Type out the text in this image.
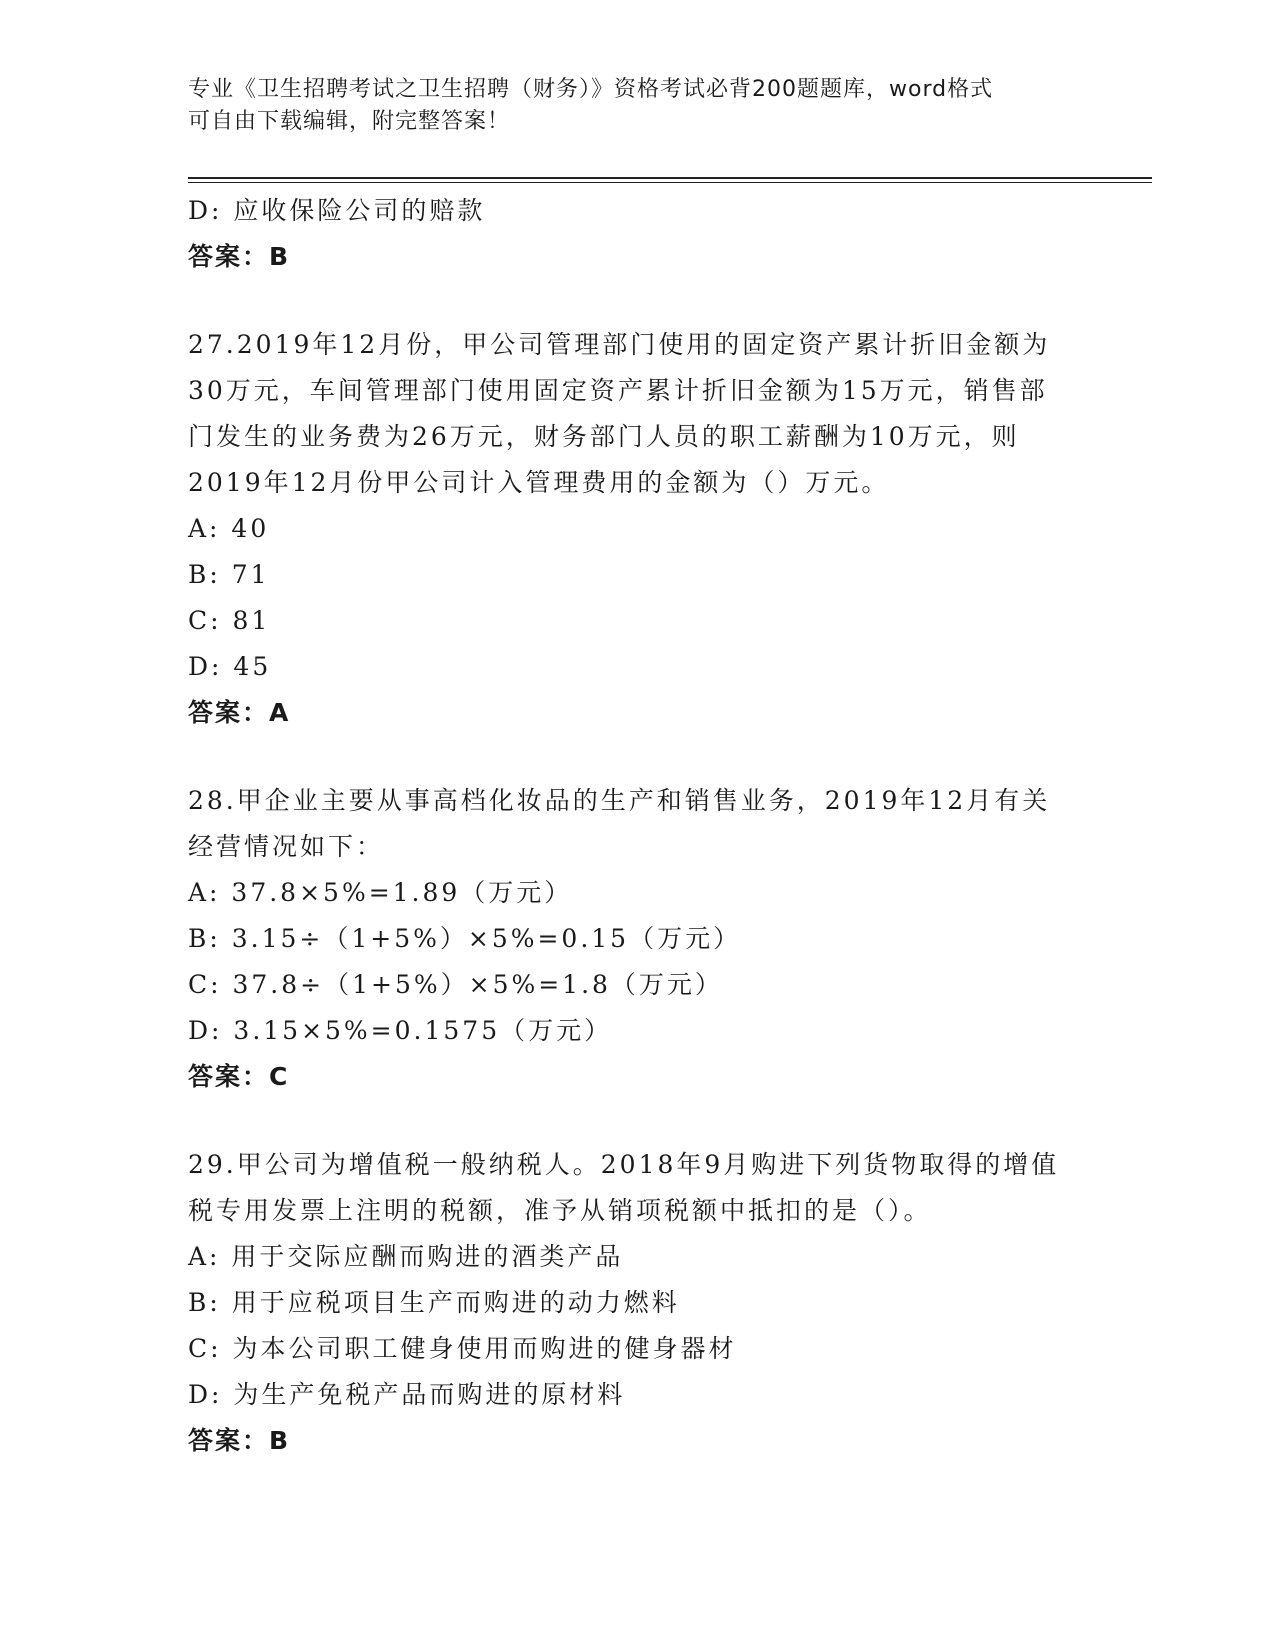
专业《卫生招聘考试之卫生招聘（财务）》资格考试必背200题题库，word格式
可自由下载编辑，附完整答案！
D: 应收保险公司的赔款
答案：B
27.2019年12月份，甲公司管理部门使用的固定资产累计折旧金额为
30万元，车间管理部门使用固定资产累计折旧金额为15万元，销售部
门发生的业务费为26万元，财务部门人员的职工薪酬为10万元，则
2019年12月份甲公司计入管理费用的金额为（）万元。
A: 40
B: 71
C: 81
D: 45
答案：A
28.甲企业主要从事高档化妆品的生产和销售业务，2019年12月有关
经营情况如下：
A: 37.8×5%=1.89（万元）
B: 3.15÷（1+5%）×5%=0.15（万元）
C: 37.8÷（1+5%）×5%=1.8（万元）
D: 3.15×5%=0.1575（万元）
答案：C
29.甲公司为增值税一般纳税人。2018年9月购进下列货物取得的增值
税专用发票上注明的税额，准予从销项税额中抵扣的是（）。
A: 用于交际应酬而购进的酒类产品
B: 用于应税项目生产而购进的动力燃料
C: 为本公司职工健身使用而购进的健身器材
D: 为生产免税产品而购进的原材料
答案：B
